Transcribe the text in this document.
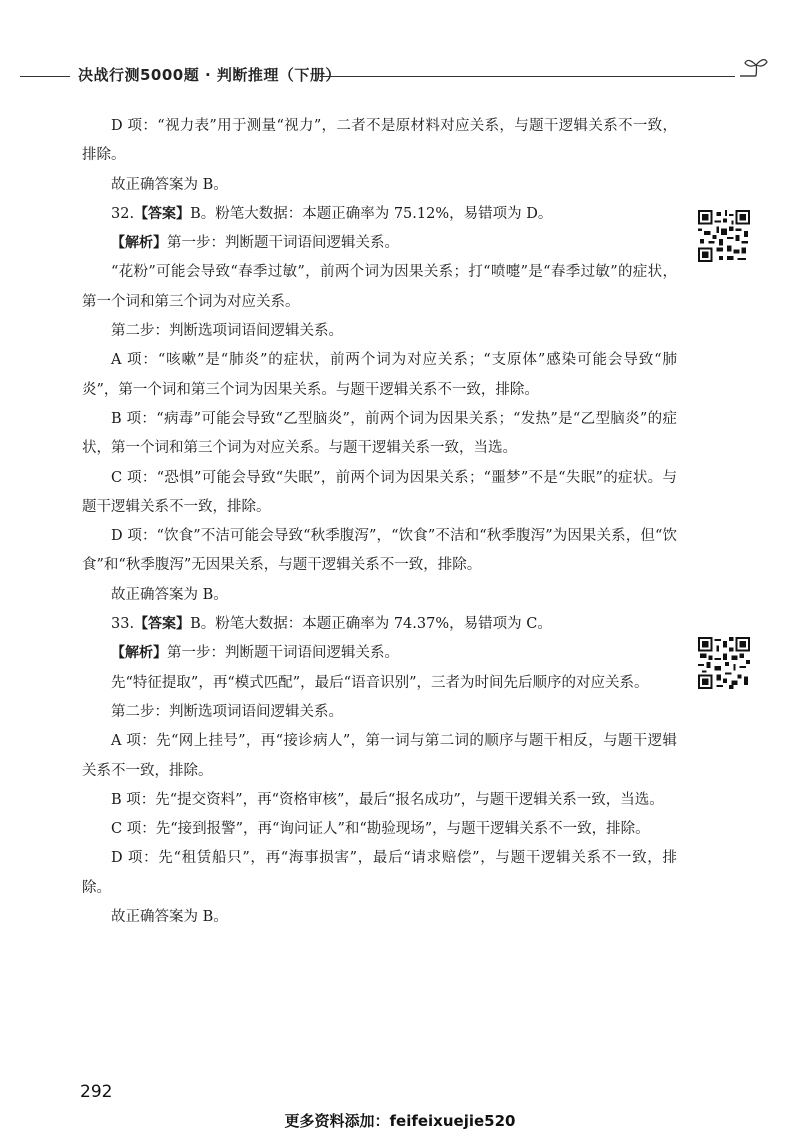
决战行测5000题 · 判断推理（下册）

D 项：“视力表”用于测量“视力”，二者不是原材料对应关系，与题干逻辑关系不一致，排除。

故正确答案为 B。

32.【答案】B。粉笔大数据：本题正确率为 75.12%，易错项为 D。

【解析】第一步：判断题干词语间逻辑关系。

“花粉”可能会导致“春季过敏”，前两个词为因果关系；打“喷嚏”是“春季过敏”的症状，第一个词和第三个词为对应关系。

第二步：判断选项词语间逻辑关系。

A 项：“咳嗽”是“肺炎”的症状，前两个词为对应关系；“支原体”感染可能会导致“肺炎”，第一个词和第三个词为因果关系。与题干逻辑关系不一致，排除。

B 项：“病毒”可能会导致“乙型脑炎”，前两个词为因果关系；“发热”是“乙型脑炎”的症状，第一个词和第三个词为对应关系。与题干逻辑关系一致，当选。

C 项：“恐惧”可能会导致“失眠”，前两个词为因果关系；“噩梦”不是“失眠”的症状。与题干逻辑关系不一致，排除。

D 项：“饮食”不洁可能会导致“秋季腹泻”，“饮食”不洁和“秋季腹泻”为因果关系，但“饮食”和“秋季腹泻”无因果关系，与题干逻辑关系不一致，排除。

故正确答案为 B。

33.【答案】B。粉笔大数据：本题正确率为 74.37%，易错项为 C。

【解析】第一步：判断题干词语间逻辑关系。

先“特征提取”，再“模式匹配”，最后“语音识别”，三者为时间先后顺序的对应关系。

第二步：判断选项词语间逻辑关系。

A 项：先“网上挂号”，再“接诊病人”，第一词与第二词的顺序与题干相反，与题干逻辑关系不一致，排除。

B 项：先“提交资料”，再“资格审核”，最后“报名成功”，与题干逻辑关系一致，当选。

C 项：先“接到报警”，再“询问证人”和“勘验现场”，与题干逻辑关系不一致，排除。

D 项：先“租赁船只”，再“海事损害”，最后“请求赔偿”，与题干逻辑关系不一致，排除。

故正确答案为 B。

292
更多资料添加：feifeixuejie520
